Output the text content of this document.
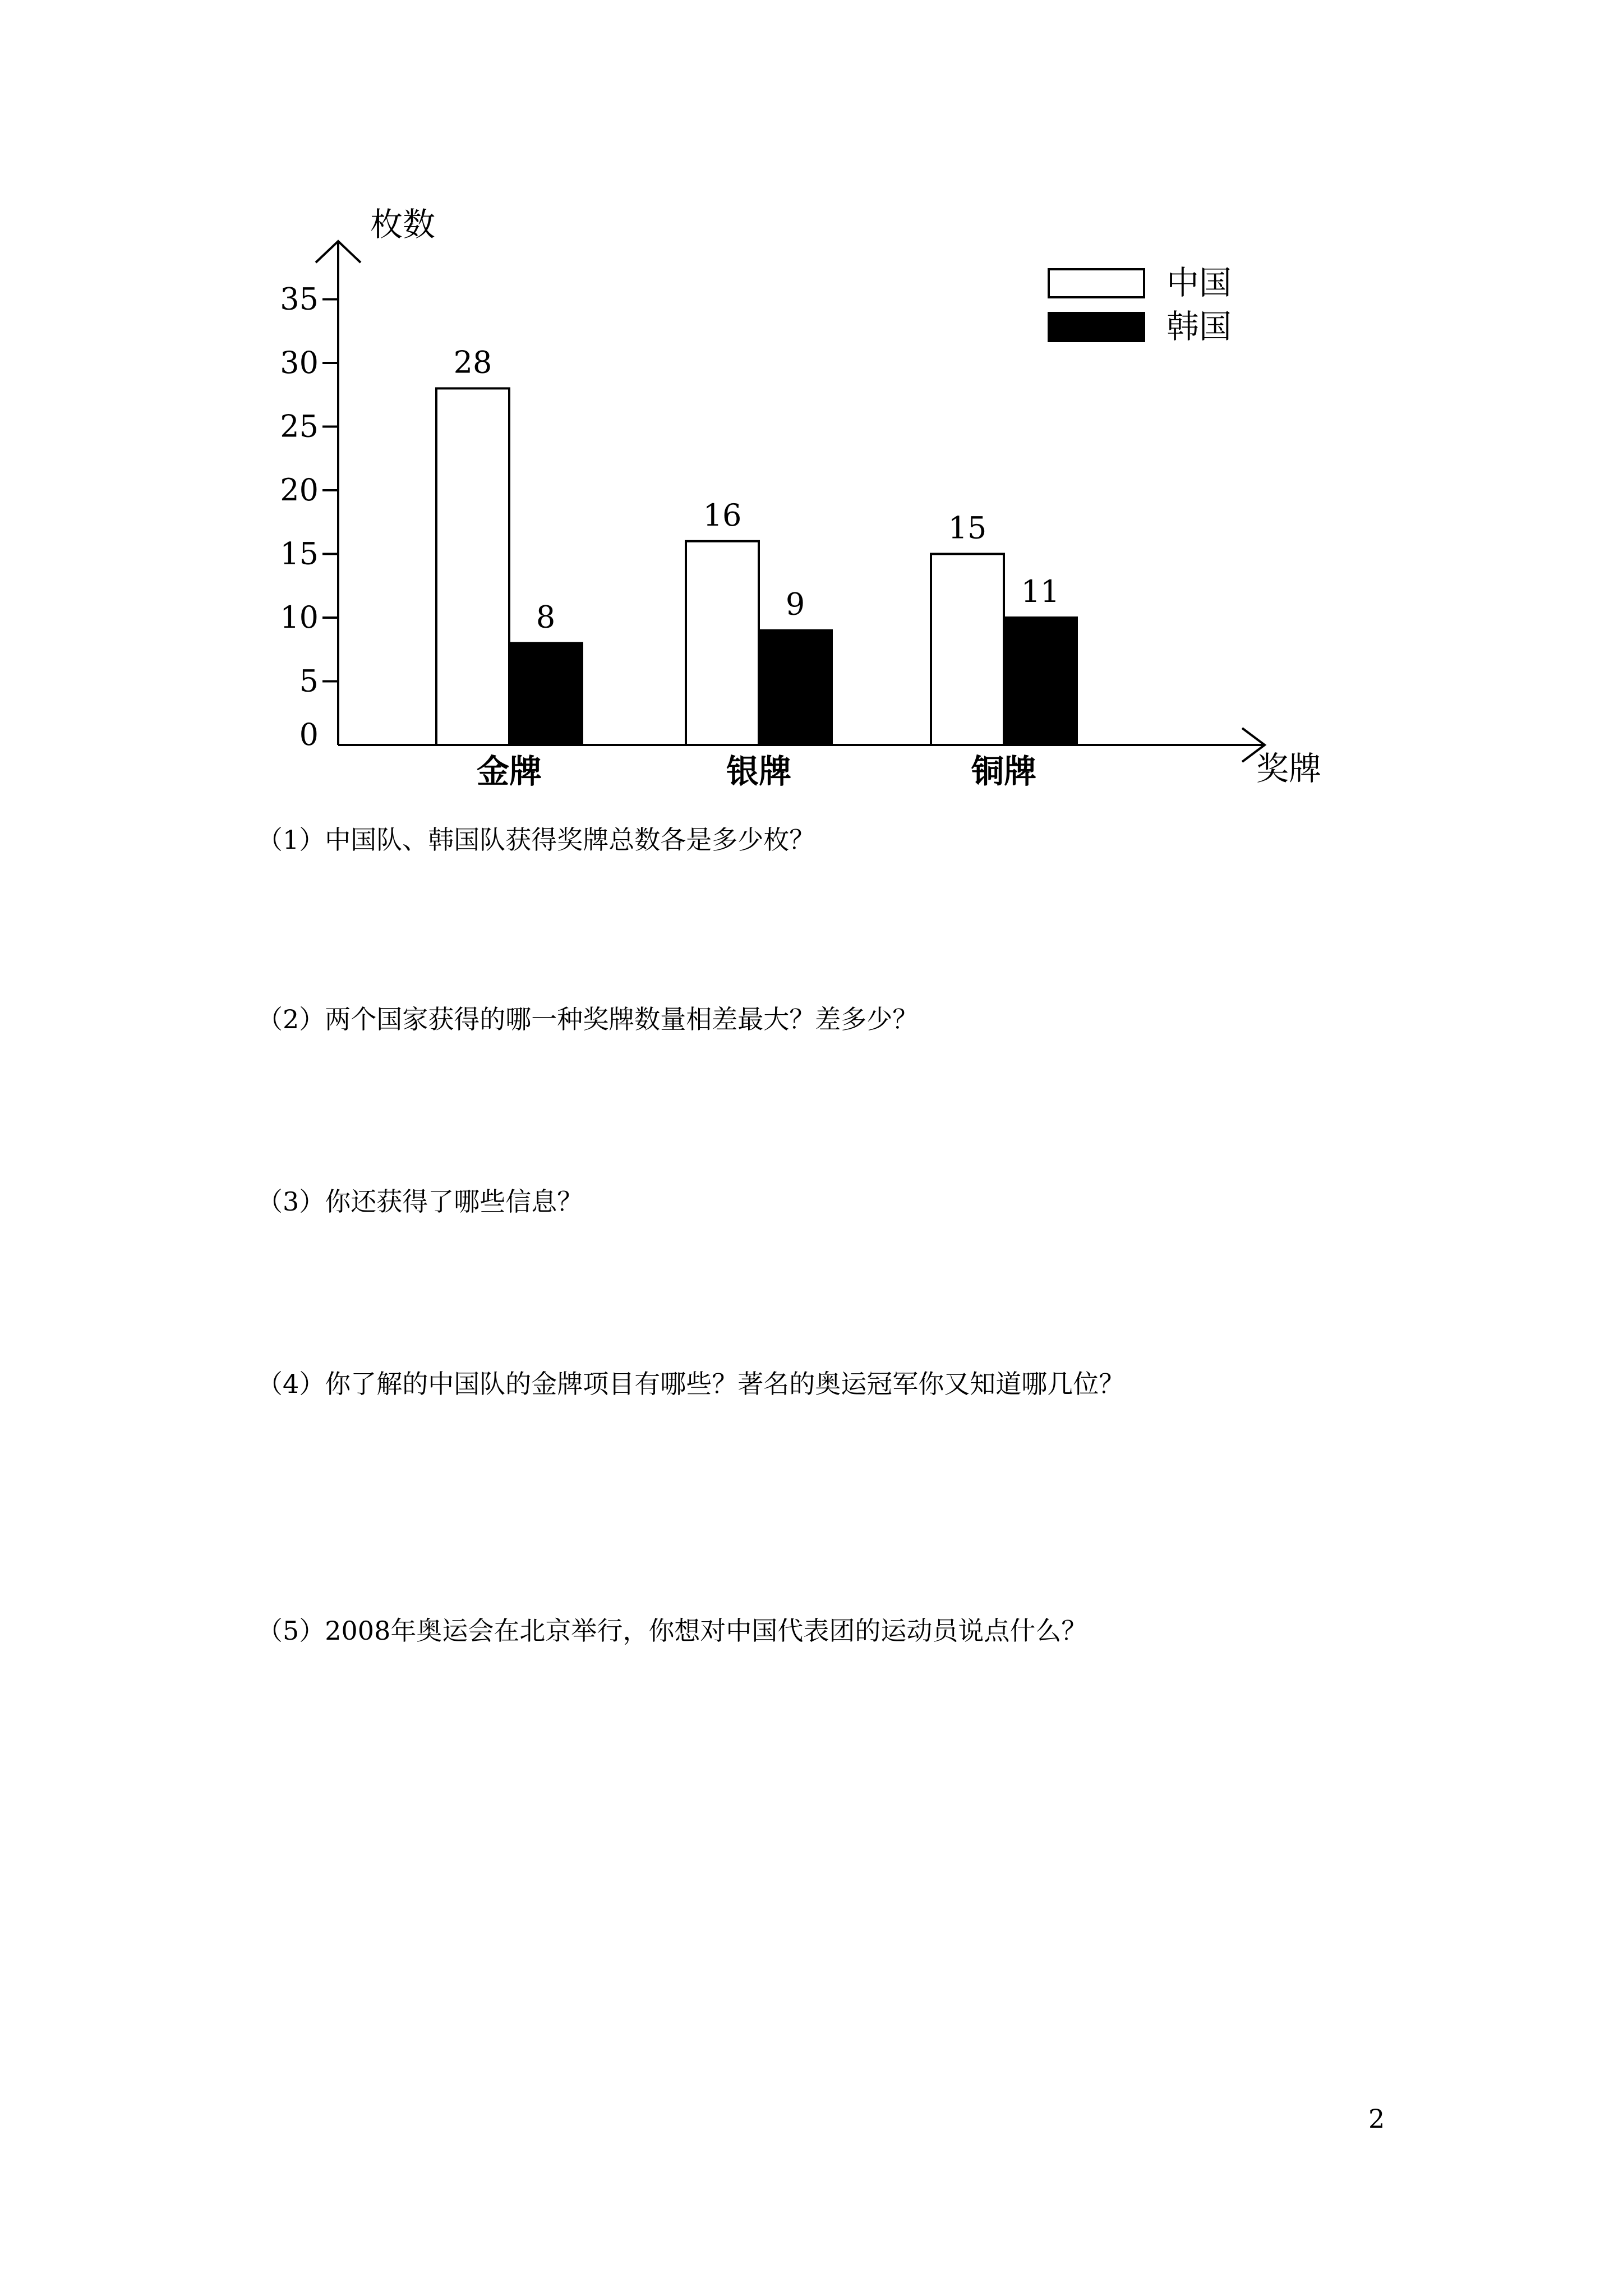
枚数
奖牌
0
5
10
15
20
25
30
35
28
8
金牌
16
9
银牌
15
11
铜牌
中国
韩国
（1）中国队、韩国队获得奖牌总数各是多少枚？
（2）两个国家获得的哪一种奖牌数量相差最大？差多少？
（3）你还获得了哪些信息？
（4）你了解的中国队的金牌项目有哪些？著名的奥运冠军你又知道哪几位？
（5）2008年奥运会在北京举行，你想对中国代表团的运动员说点什么？
2
